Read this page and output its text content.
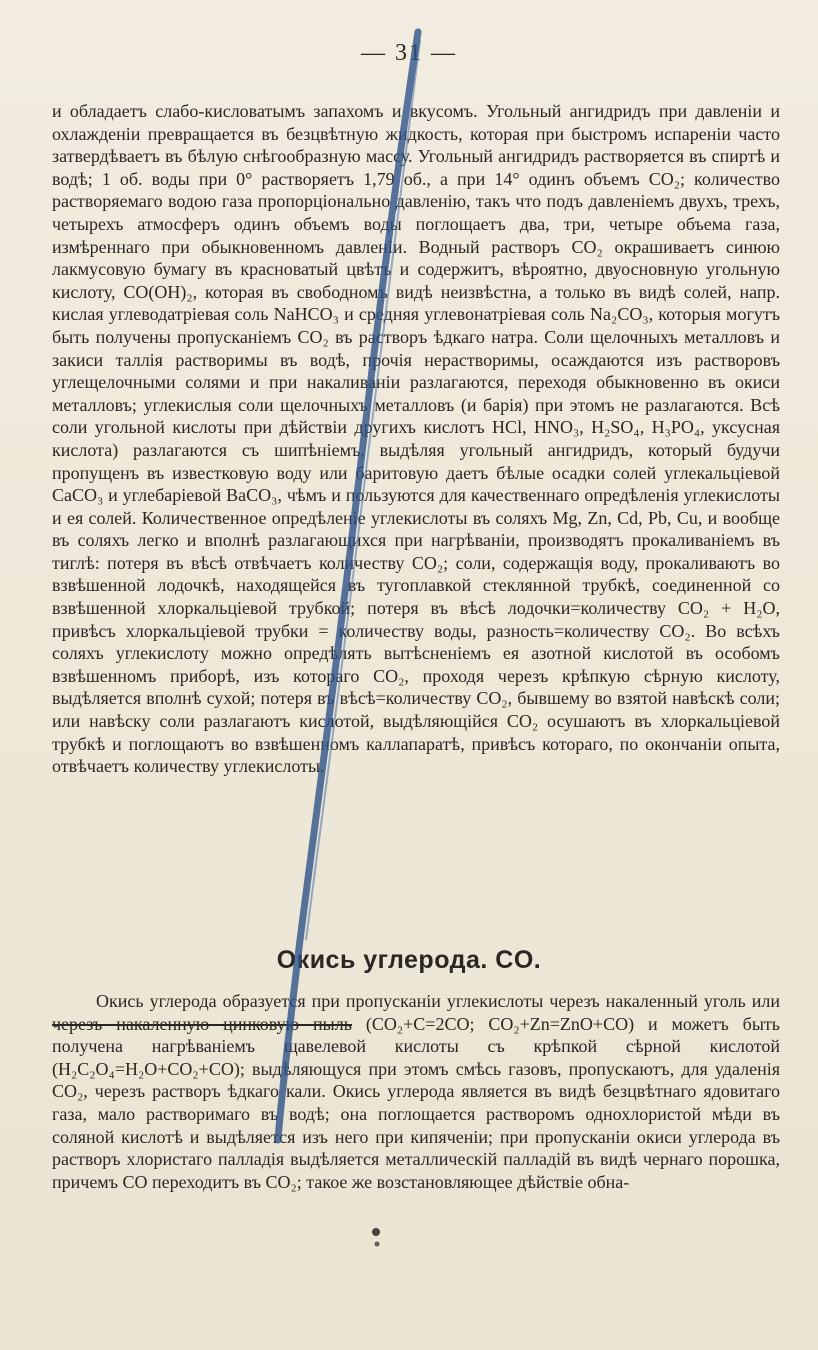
— 31 —

и обладаетъ слабо-кисловатымъ запахомъ и вкусомъ. Угольный ангидридъ при давленіи и охлажденіи превращается въ безцвѣтную жидкость, которая при быстромъ испареніи часто затвердѣваетъ въ бѣлую снѣгообразную массу. Угольный ангидридъ растворяется въ спиртѣ и водѣ; 1 об. воды при 0° растворяетъ 1,79 об., а при 14° одинъ объемъ CO₂; количество растворяемаго водою газа пропорціонально давленію, такъ что подъ давленіемъ двухъ, трехъ, четырехъ атмосферъ одинъ объемъ воды поглощаетъ два, три, четыре объема газа, измѣреннаго при обыкновенномъ давленіи. Водный растворъ CO₂ окрашиваетъ синюю лакмусовую бумагу въ красноватый цвѣтъ и содержитъ, вѣроятно, двуосновную угольную кислоту, CO(OH)₂, которая въ свободномъ видѣ неизвѣстна, а только въ видѣ солей, напр. кислая углеводатріевая соль NaHCO₃ и средняя углевонатріевая соль Na₂CO₃, которыя могутъ быть получены пропусканіемъ CO₂ въ растворъ ѣдкаго натра. Соли щелочныхъ металловъ и закиси таллія растворимы въ водѣ, прочія нерастворимы, осаждаются изъ растворовъ углещелочными солями и при накаливаніи разлагаются, переходя обыкновенно въ окиси металловъ; углекислыя соли щелочныхъ металловъ (и барія) при этомъ не разлагаются. Всѣ соли угольной кислоты при дѣйствіи другихъ кислотъ HCl, HNO₃, H₂SO₄, H₃PO₄, уксусная кислота) разлагаются съ шипѣніемъ, выдѣляя угольный ангидридъ, который будучи пропущенъ въ известковую воду или баритовую даетъ бѣлые осадки солей углекальціевой CaCO₃ и углебаріевой BaCO₃, чѣмъ и пользуются для качественнаго опредѣленія углекислоты и ея солей. Количественное опредѣленіе углекислоты въ соляхъ Mg, Zn, Cd, Pb, Cu, и вообще въ соляхъ легко и вполнѣ разлагающихся при нагрѣваніи, производятъ прокаливаніемъ въ тиглѣ: потеря въ вѣсѣ отвѣчаетъ количеству CO₂; соли, содержащія воду, прокаливаютъ во взвѣшенной лодочкѣ, находящейся въ тугоплавкой стеклянной трубкѣ, соединенной со взвѣшенной хлоркальціевой трубкой; потеря въ вѣсѣ лодочки=количеству CO₂ + H₂O, привѣсъ хлоркальціевой трубки = количеству воды, разность=количеству CO₂. Во всѣхъ соляхъ углекислоту можно опредѣлять вытѣсненіемъ ея азотной кислотой въ особомъ взвѣшенномъ приборѣ, изъ котораго CO₂, проходя черезъ крѣпкую сѣрную кислоту, выдѣляется вполнѣ сухой; потеря въ вѣсѣ=количеству CO₂, бывшему во взятой навѣскѣ соли; или навѣску соли разлагаютъ кислотой, выдѣляющійся CO₂ осушаютъ въ хлоркальціевой трубкѣ и поглощаютъ во взвѣшенномъ каллапаратѣ, привѣсъ котораго, по окончаніи опыта, отвѣчаетъ количеству углекислоты.

Окись углерода. CO.

Окись углерода образуется при пропусканіи углекислоты черезъ накаленный уголь или черезъ накаленную цинковую пыль (CO₂+C=2CO; CO₂+Zn=ZnO+CO) и можетъ быть получена нагрѣваніемъ щавелевой кислоты съ крѣпкой сѣрной кислотой (H₂C₂O₄=H₂O+CO₂+CO); выдѣляющуся при этомъ смѣсь газовъ, пропускаютъ, для удаленія CO₂, черезъ растворъ ѣдкаго кали. Окись углерода является въ видѣ безцвѣтнаго ядовитаго газа, мало растворимаго въ водѣ; она поглощается растворомъ однохлористой мѣди въ соляной кислотѣ и выдѣляется изъ него при кипяченіи; при пропусканіи окиси углерода въ растворъ хлористаго палладія выдѣляется металлическій палладій въ видѣ чернаго порошка, причемъ CO переходитъ въ CO₂; такое же возстановляющее дѣйствіе обна-
